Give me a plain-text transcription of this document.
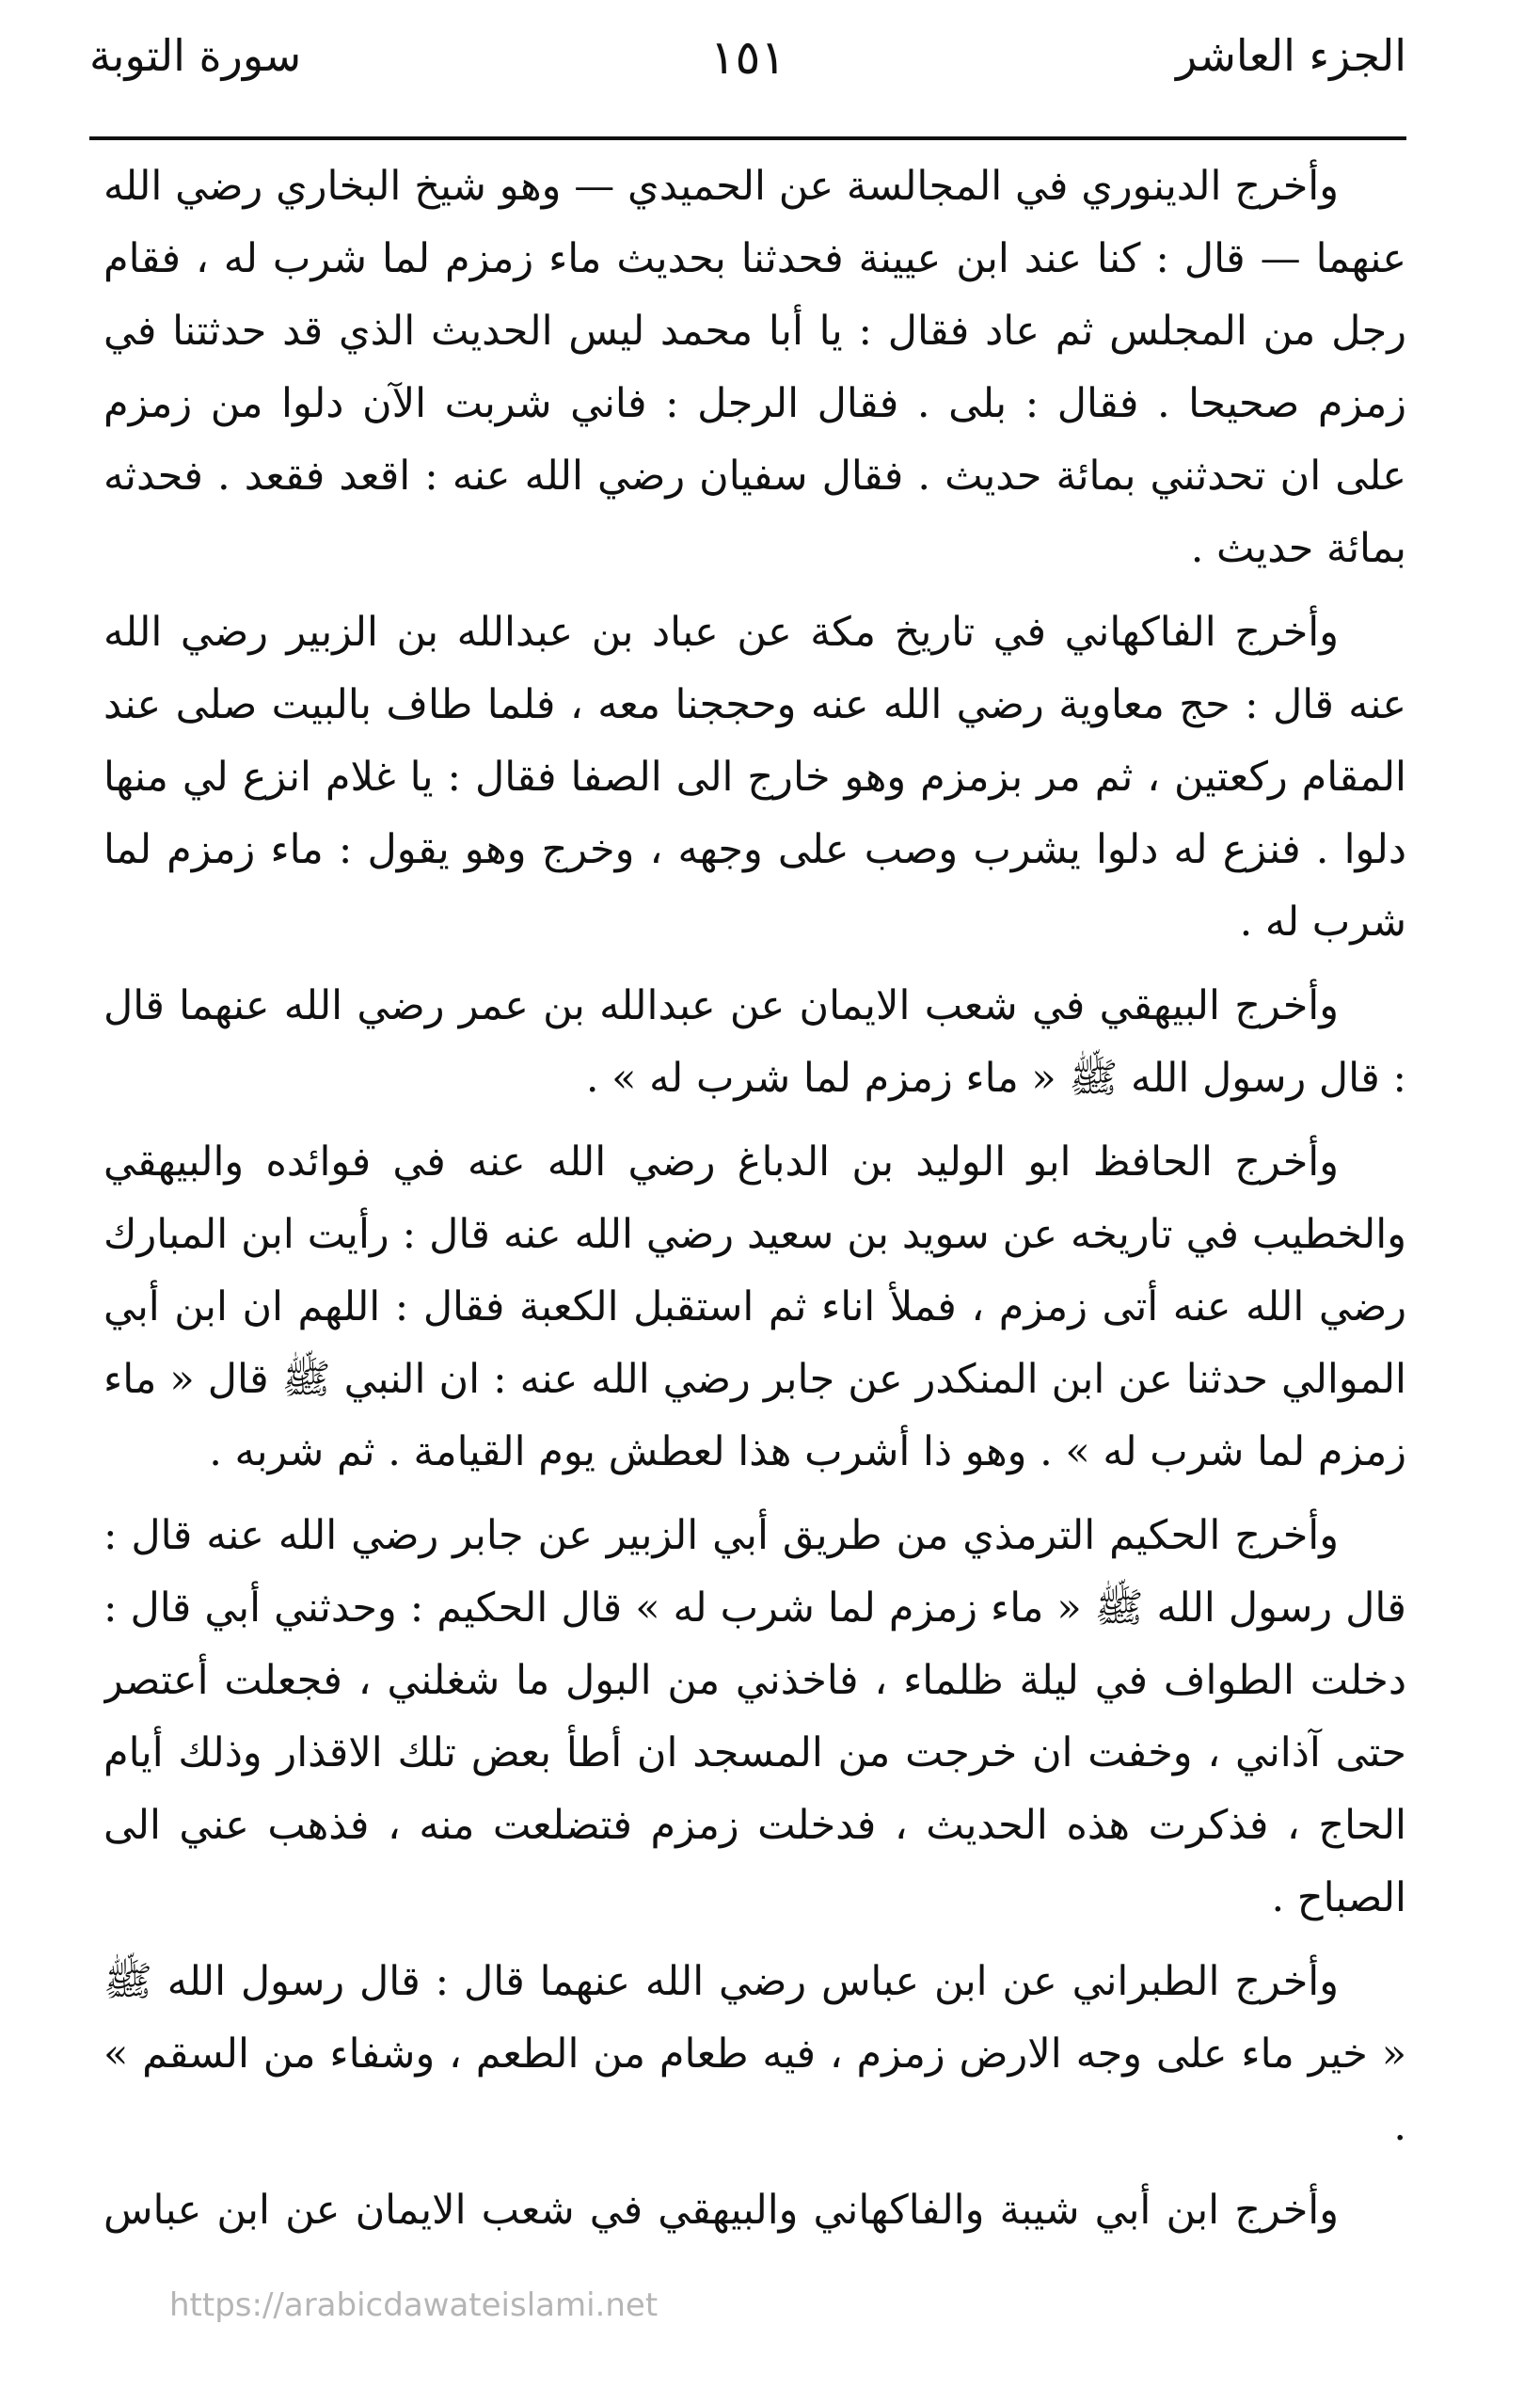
الجزء العاشر
١٥١
سورة التوبة

وأخرج الدينوري في المجالسة عن الحميدي — وهو شيخ البخاري رضي الله عنهما — قال : كنا عند ابن عيينة فحدثنا بحديث ماء زمزم لما شرب له ، فقام رجل من المجلس ثم عاد فقال : يا أبا محمد ليس الحديث الذي قد حدثتنا في زمزم صحيحا . فقال : بلى . فقال الرجل : فاني شربت الآن دلوا من زمزم على ان تحدثني بمائة حديث . فقال سفيان رضي الله عنه : اقعد فقعد . فحدثه بمائة حديث .

وأخرج الفاكهاني في تاريخ مكة عن عباد بن عبدالله بن الزبير رضي الله عنه قال : حج معاوية رضي الله عنه وحججنا معه ، فلما طاف بالبيت صلى عند المقام ركعتين ، ثم مر بزمزم وهو خارج الى الصفا فقال : يا غلام انزع لي منها دلوا . فنزع له دلوا يشرب وصب على وجهه ، وخرج وهو يقول : ماء زمزم لما شرب له .

وأخرج البيهقي في شعب الايمان عن عبدالله بن عمر رضي الله عنهما قال : قال رسول الله ﷺ « ماء زمزم لما شرب له » .

وأخرج الحافظ ابو الوليد بن الدباغ رضي الله عنه في فوائده والبيهقي والخطيب في تاريخه عن سويد بن سعيد رضي الله عنه قال : رأيت ابن المبارك رضي الله عنه أتى زمزم ، فملأ اناء ثم استقبل الكعبة فقال : اللهم ان ابن أبي الموالي حدثنا عن ابن المنكدر عن جابر رضي الله عنه : ان النبي ﷺ قال « ماء زمزم لما شرب له » . وهو ذا أشرب هذا لعطش يوم القيامة . ثم شربه .

وأخرج الحكيم الترمذي من طريق أبي الزبير عن جابر رضي الله عنه قال : قال رسول الله ﷺ « ماء زمزم لما شرب له » قال الحكيم : وحدثني أبي قال : دخلت الطواف في ليلة ظلماء ، فاخذني من البول ما شغلني ، فجعلت أعتصر حتى آذاني ، وخفت ان خرجت من المسجد ان أطأ بعض تلك الاقذار وذلك أيام الحاج ، فذكرت هذه الحديث ، فدخلت زمزم فتضلعت منه ، فذهب عني الى الصباح .

وأخرج الطبراني عن ابن عباس رضي الله عنهما قال : قال رسول الله ﷺ « خير ماء على وجه الارض زمزم ، فيه طعام من الطعم ، وشفاء من السقم » .

وأخرج ابن أبي شيبة والفاكهاني والبيهقي في شعب الايمان عن ابن عباس

https://arabicdawateislami.net
